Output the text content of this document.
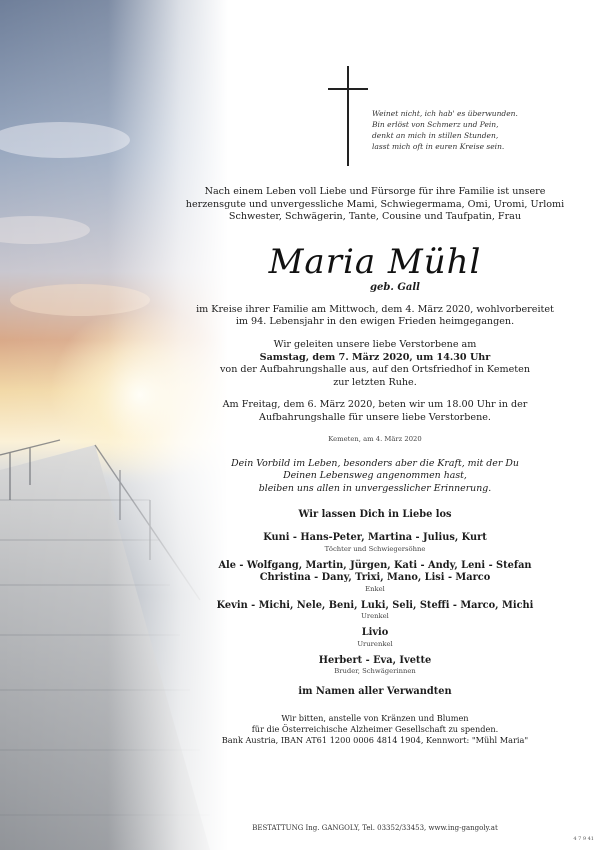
Weinet nicht, ich hab' es überwunden.
Bin erlöst von Schmerz und Pein,
denkt an mich in stillen Stunden,
lasst mich oft in euren Kreise sein.

Nach einem Leben voll Liebe und Fürsorge für ihre Familie ist unsere

herzensgute und unvergessliche Mami, Schwiegermama, Omi, Uromi, Urlomi

Schwester, Schwägerin, Tante, Cousine und Taufpatin, Frau

Maria Mühl
geb. Gall

im Kreise ihrer Familie am Mittwoch, dem 4. März 2020, wohlvorbereitet

im 94. Lebensjahr in den ewigen Frieden heimgegangen.

Wir geleiten unsere liebe Verstorbene am

Samstag, dem 7. März 2020, um 14.30 Uhr

von der Aufbahrungshalle aus, auf den Ortsfriedhof in Kemeten

zur letzten Ruhe.

Am Freitag, dem 6. März 2020, beten wir um 18.00 Uhr in der

Aufbahrungshalle für unsere liebe Verstorbene.

Kemeten, am 4. März 2020

Dein Vorbild im Leben, besonders aber die Kraft, mit der Du

Deinen Lebensweg angenommen hast,

bleiben uns allen in unvergesslicher Erinnerung.

Wir lassen Dich in Liebe los

Kuni - Hans-Peter, Martina - Julius, Kurt

Töchter und Schwiegersöhne

Ale - Wolfgang, Martin, Jürgen, Kati - Andy, Leni - Stefan

Christina - Dany, Trixi, Mano, Lisi - Marco

Enkel

Kevin - Michi, Nele, Beni, Luki, Seli, Steffi - Marco, Michi

Urenkel

Livio

Ururenkel

Herbert - Eva, Ivette

Bruder, Schwägerinnen

im Namen aller Verwandten

Wir bitten, anstelle von Kränzen und Blumen

für die Österreichische Alzheimer Gesellschaft zu spenden.

Bank Austria, IBAN AT61 1200 0006 4814 1904, Kennwort: "Mühl Maria"

BESTATTUNG Ing. GANGOLY, Tel. 03352/33453, www.ing-gangoly.at
4 7 9 41
